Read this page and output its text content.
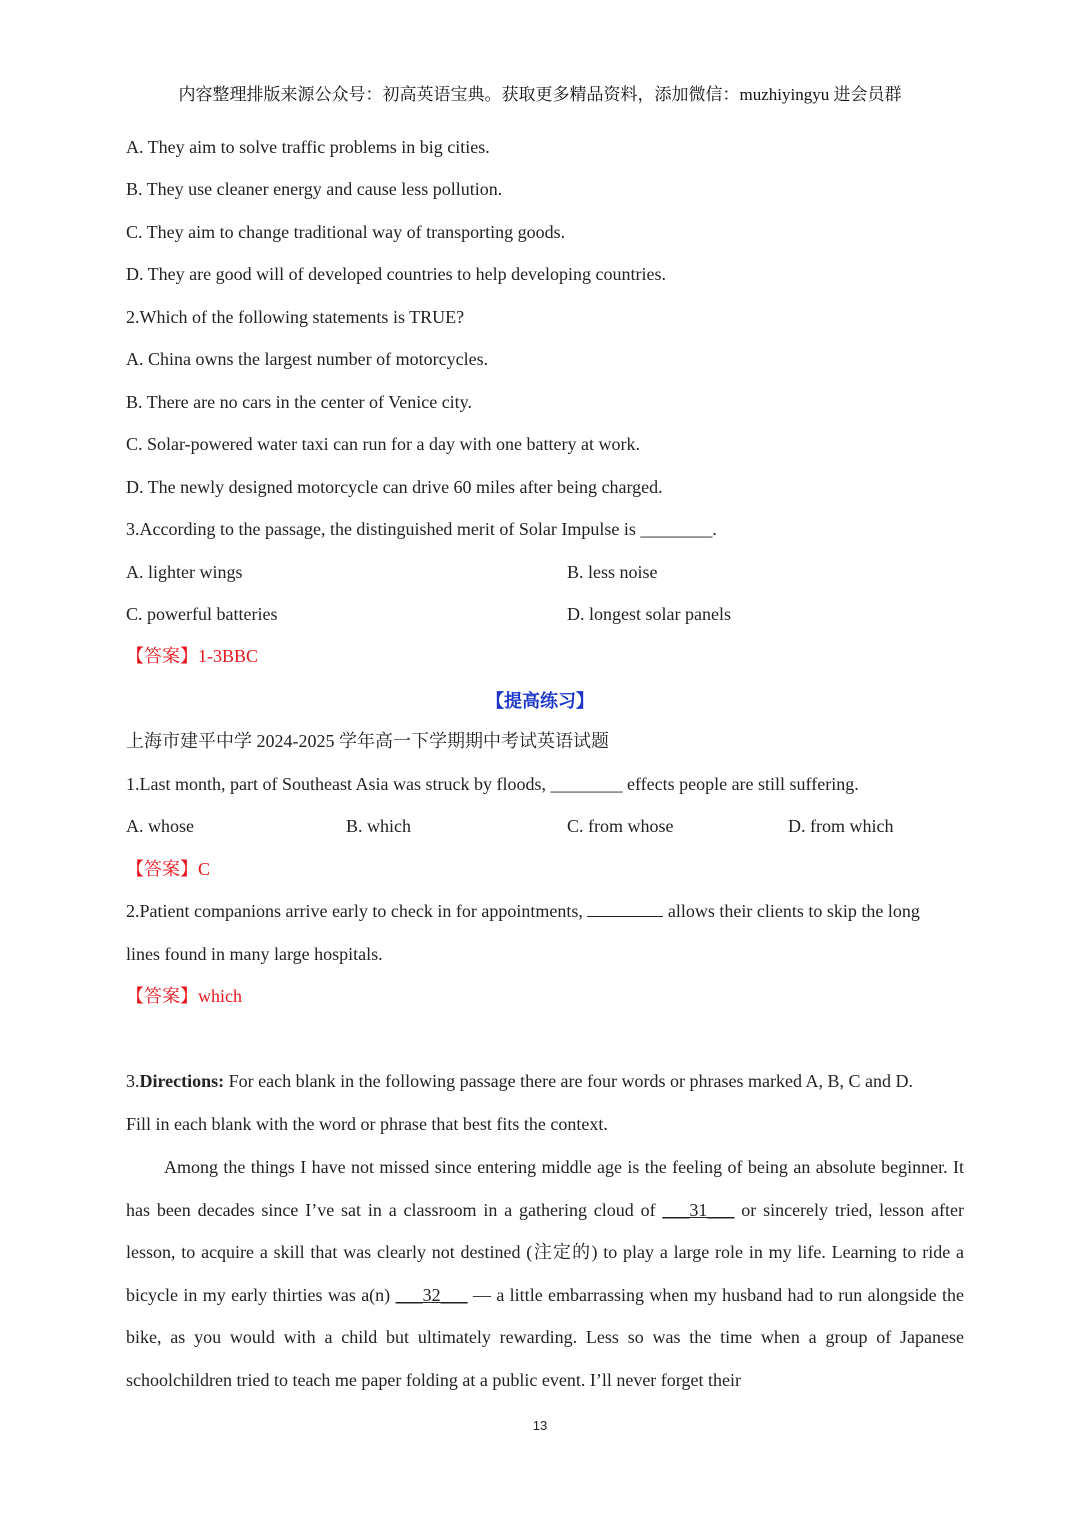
内容整理排版来源公众号：初高英语宝典。获取更多精品资料，添加微信：muzhiyingyu 进会员群
A. They aim to solve traffic problems in big cities.
B. They use cleaner energy and cause less pollution.
C. They aim to change traditional way of transporting goods.
D. They are good will of developed countries to help developing countries.
2.Which of the following statements is TRUE?
A. China owns the largest number of motorcycles.
B. There are no cars in the center of Venice city.
C. Solar-powered water taxi can run for a day with one battery at work.
D. The newly designed motorcycle can drive 60 miles after being charged.
3.According to the passage, the distinguished merit of Solar Impulse is ________.
A. lighter wings	B. less noise
C. powerful batteries	D. longest solar panels
【答案】1-3BBC
【提高练习】
上海市建平中学 2024-2025 学年高一下学期期中考试英语试题
1.Last month, part of Southeast Asia was struck by floods, ________ effects people are still suffering.
A. whose	B. which	C. from whose	D. from which
【答案】C
2.Patient companions arrive early to check in for appointments,	allows their clients to skip the long
lines found in many large hospitals.
【答案】which
3.Directions: For each blank in the following passage there are four words or phrases marked A, B, C and D.
Fill in each blank with the word or phrase that best fits the context.
Among the things I have not missed since entering middle age is the feeling of being an absolute beginner. It has been decades since I’ve sat in a classroom in a gathering cloud of ___31___ or sincerely tried, lesson after lesson, to acquire a skill that was clearly not destined (注定的) to play a large role in my life. Learning to ride a bicycle in my early thirties was a(n) ___32___ — a little embarrassing when my husband had to run alongside the bike, as you would with a child but ultimately rewarding. Less so was the time when a group of Japanese schoolchildren tried to teach me paper folding at a public event. I’ll never forget their
13
